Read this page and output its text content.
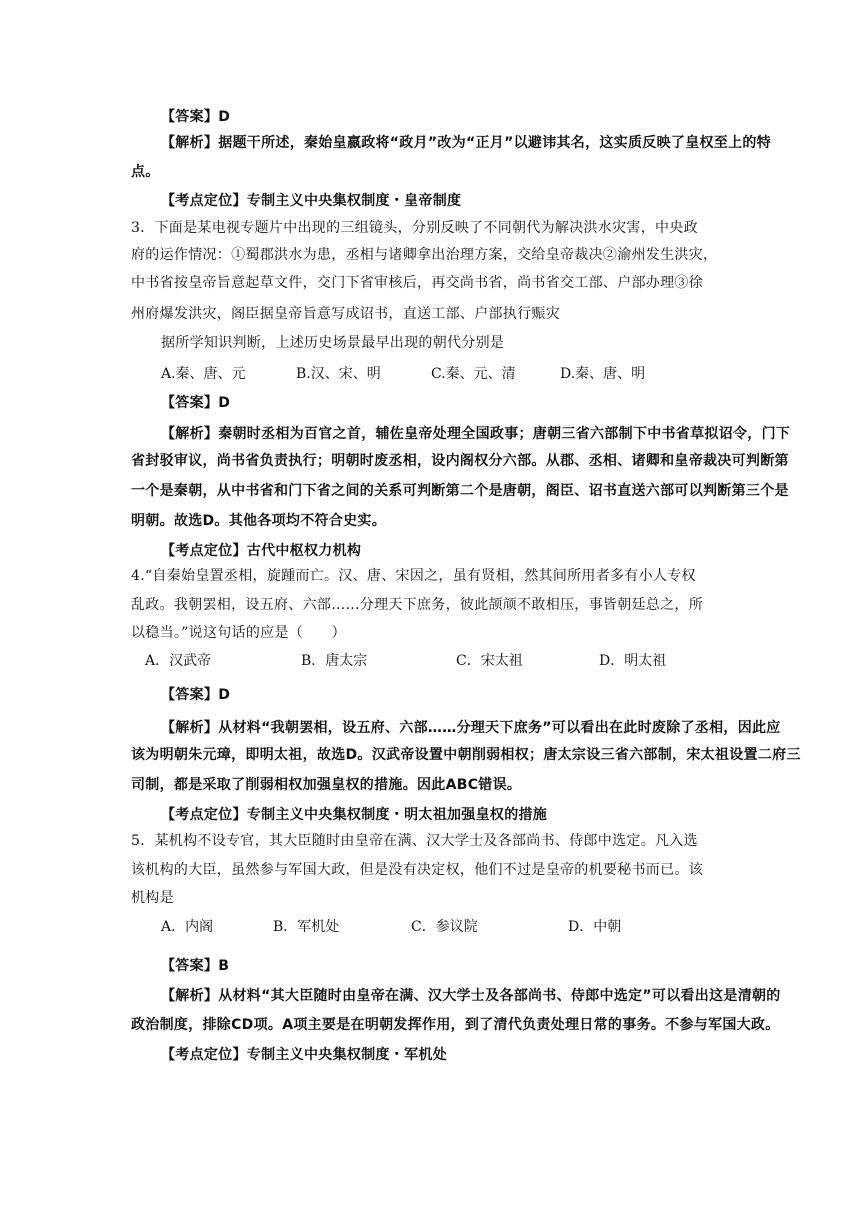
【答案】D
【解析】据题干所述，秦始皇嬴政将“政月”改为“正月”以避讳其名，这实质反映了皇权至上的特
点。
【考点定位】专制主义中央集权制度・皇帝制度
3．下面是某电视专题片中出现的三组镜头，分别反映了不同朝代为解决洪水灾害，中央政
府的运作情况：①蜀郡洪水为患，丞相与诸卿拿出治理方案，交给皇帝裁决②渝州发生洪灾，
中书省按皇帝旨意起草文件，交门下省审核后，再交尚书省，尚书省交工部、户部办理③徐
州府爆发洪灾，阁臣据皇帝旨意写成诏书，直送工部、户部执行赈灾
据所学知识判断，上述历史场景最早出现的朝代分别是
A.秦、唐、元	B.汉、宋、明	C.秦、元、清	D.秦、唐、明
【答案】D
【解析】秦朝时丞相为百官之首，辅佐皇帝处理全国政事；唐朝三省六部制下中书省草拟诏令，门下
省封驳审议，尚书省负责执行；明朝时废丞相，设内阁权分六部。从郡、丞相、诸卿和皇帝裁决可判断第
一个是秦朝，从中书省和门下省之间的关系可判断第二个是唐朝，阁臣、诏书直送六部可以判断第三个是
明朝。故选D。其他各项均不符合史实。
【考点定位】古代中枢权力机构
4.“自秦始皇置丞相，旋踵而亡。汉、唐、宋因之，虽有贤相，然其间所用者多有小人专权
乱政。我朝罢相，设五府、六部……分理天下庶务，彼此颉颃不敢相压，事皆朝廷总之，所
以稳当。”说这句话的应是（　　）
A．汉武帝	B．唐太宗	C．宋太祖	D．明太祖
【答案】D
【解析】从材料“我朝罢相，设五府、六部……分理天下庶务”可以看出在此时废除了丞相，因此应
该为明朝朱元璋，即明太祖，故选D。汉武帝设置中朝削弱相权；唐太宗设三省六部制，宋太祖设置二府三
司制，都是采取了削弱相权加强皇权的措施。因此ABC错误。
【考点定位】专制主义中央集权制度・明太祖加强皇权的措施
5．某机构不设专官，其大臣随时由皇帝在满、汉大学士及各部尚书、侍郎中选定。凡入选
该机构的大臣，虽然参与军国大政，但是没有决定权，他们不过是皇帝的机要秘书而已。该
机构是
A．内阁	B．军机处	C．参议院	D．中朝
【答案】B
【解析】从材料“其大臣随时由皇帝在满、汉大学士及各部尚书、侍郎中选定”可以看出这是清朝的
政治制度，排除CD项。A项主要是在明朝发挥作用，到了清代负责处理日常的事务。不参与军国大政。
【考点定位】专制主义中央集权制度・军机处
